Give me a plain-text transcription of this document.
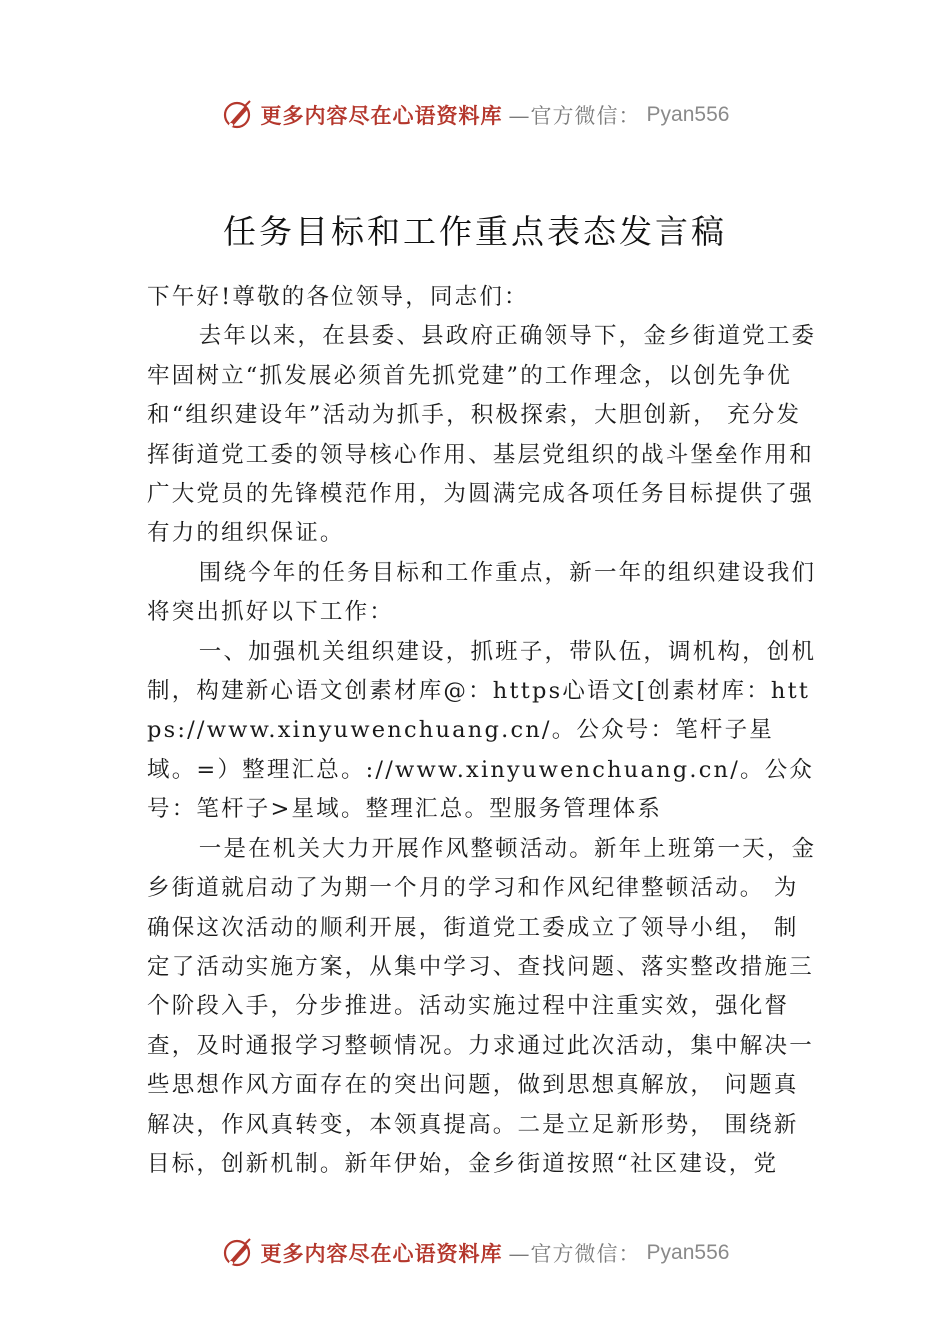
更多内容尽在心语资料库 —官方微信： Pyan556
任务目标和工作重点表态发言稿

下午好!尊敬的各位领导，同志们：

去年以来，在县委、县政府正确领导下，金乡街道党工委牢固树立“抓发展必须首先抓党建”的工作理念，以创先争优和“组织建设年”活动为抓手，积极探索，大胆创新， 充分发挥街道党工委的领导核心作用、基层党组织的战斗堡垒作用和广大党员的先锋模范作用，为圆满完成各项任务目标提供了强有力的组织保证。

围绕今年的任务目标和工作重点，新一年的组织建设我们将突出抓好以下工作：

一、加强机关组织建设，抓班子，带队伍，调机构，创机制，构建新心语文创素材库@：https心语文[创素材库：https://www.xinyuwenchuang.cn/。公众号：笔杆子星域。=）整理汇总。://www.xinyuwenchuang.cn/。公众号：笔杆子>星域。整理汇总。型服务管理体系

一是在机关大力开展作风整顿活动。新年上班第一天，金乡街道就启动了为期一个月的学习和作风纪律整顿活动。 为确保这次活动的顺利开展，街道党工委成立了领导小组， 制定了活动实施方案，从集中学习、查找问题、落实整改措施三个阶段入手，分步推进。活动实施过程中注重实效，强化督查，及时通报学习整顿情况。力求通过此次活动，集中解决一些思想作风方面存在的突出问题，做到思想真解放， 问题真解决，作风真转变，本领真提高。二是立足新形势， 围绕新目标，创新机制。新年伊始，金乡街道按照“社区建设，党

更多内容尽在心语资料库 —官方微信： Pyan556
